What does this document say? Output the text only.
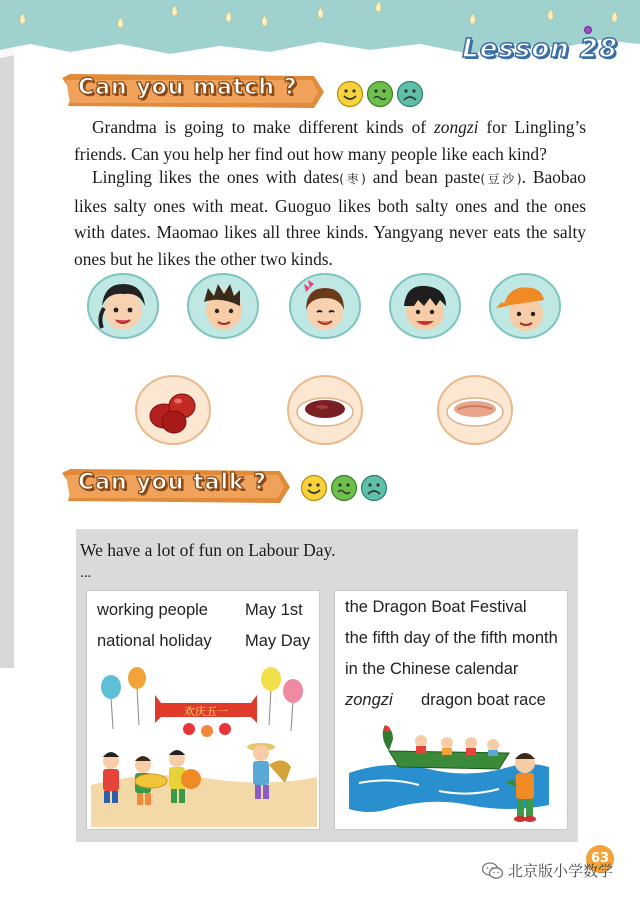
Lesson 28
Can you match ?

Grandma is going to make different kinds of zongzi for Lingling’s friends. Can you help her find out how many people like each kind?

Lingling likes the ones with dates(枣) and bean paste(豆沙). Baobao likes salty ones with meat. Guoguo likes both salty ones and the ones with dates. Maomao likes all three kinds. Yangyang never eats the salty ones but he likes the other two kinds.

Can you talk ?
We have a lot of fun on Labour Day.
...
working people May 1st
national holiday May Day
欢庆五一
the Dragon Boat Festival
the fifth day of the fifth month
in the Chinese calendar
zongzi dragon boat race
63
北京版小学数学
